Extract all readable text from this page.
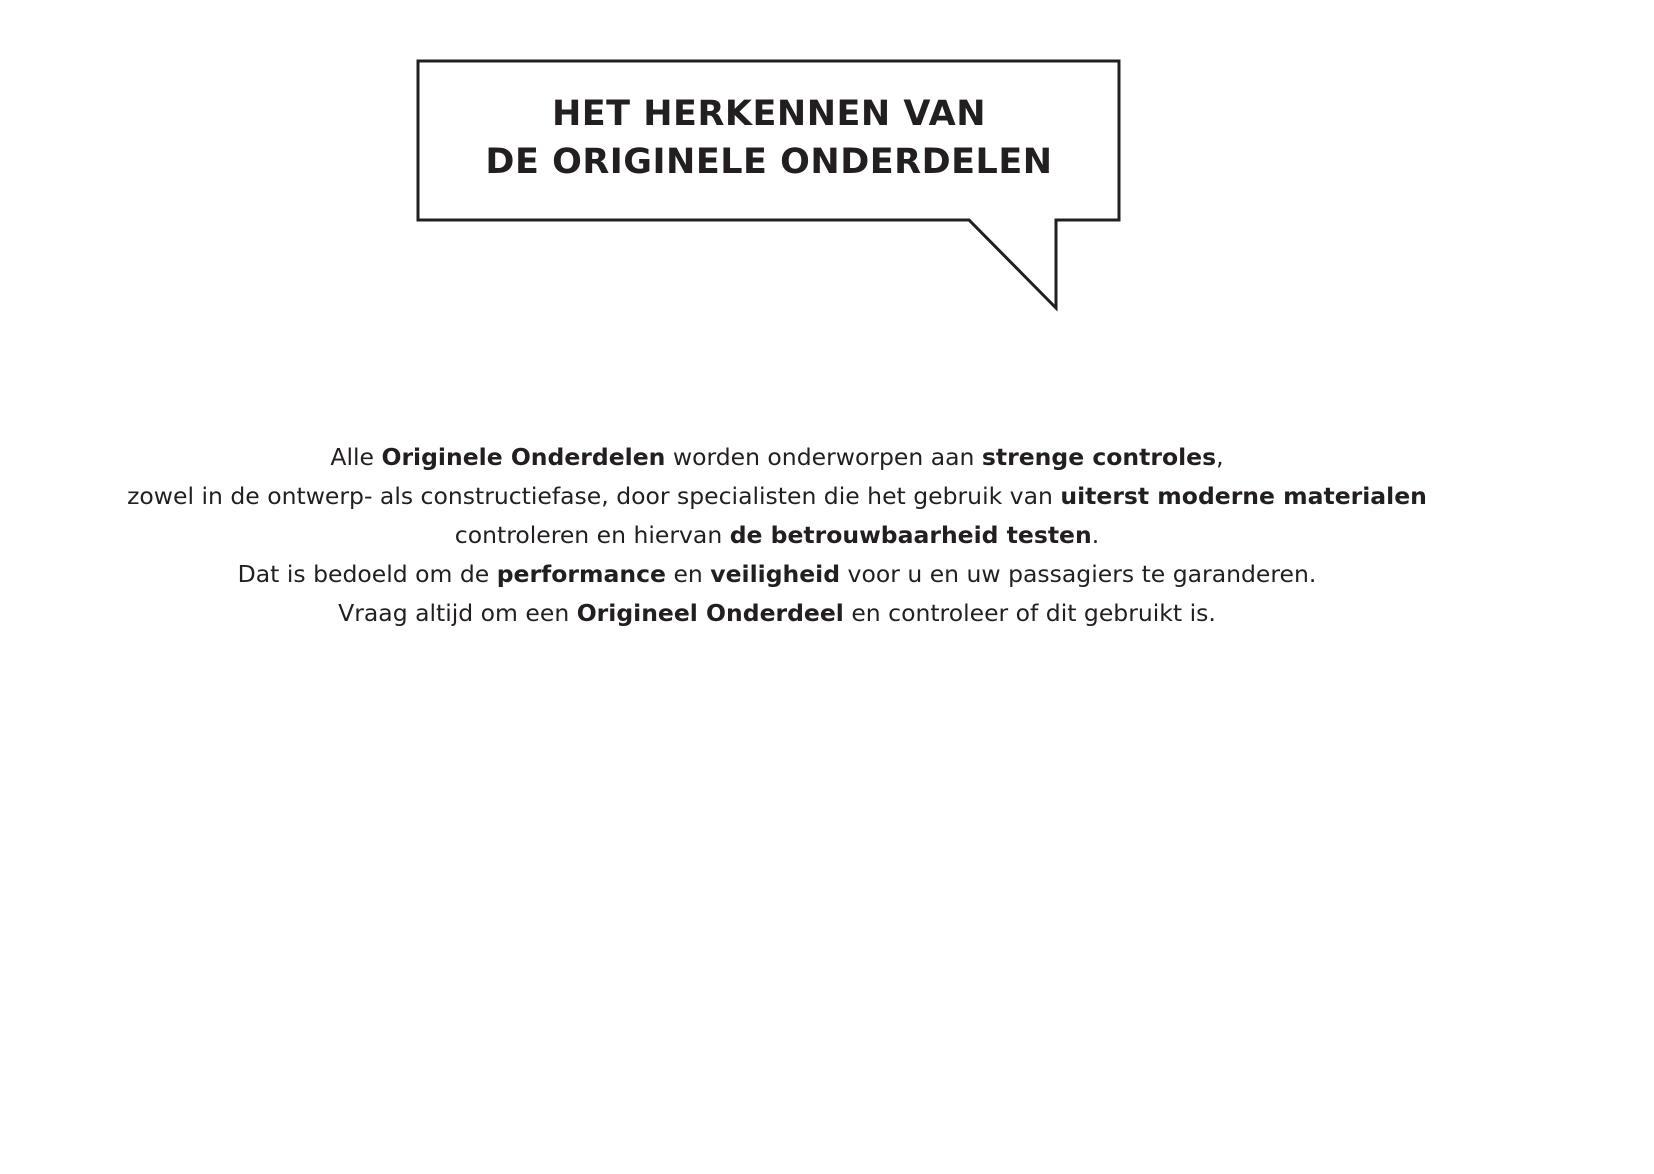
HET HERKENNEN VAN
DE ORIGINELE ONDERDELEN

Alle Originele Onderdelen worden onderworpen aan strenge controles,
zowel in de ontwerp- als constructiefase, door specialisten die het gebruik van uiterst moderne materialen
controleren en hiervan de betrouwbaarheid testen.
Dat is bedoeld om de performance en veiligheid voor u en uw passagiers te garanderen.
Vraag altijd om een Origineel Onderdeel en controleer of dit gebruikt is.
